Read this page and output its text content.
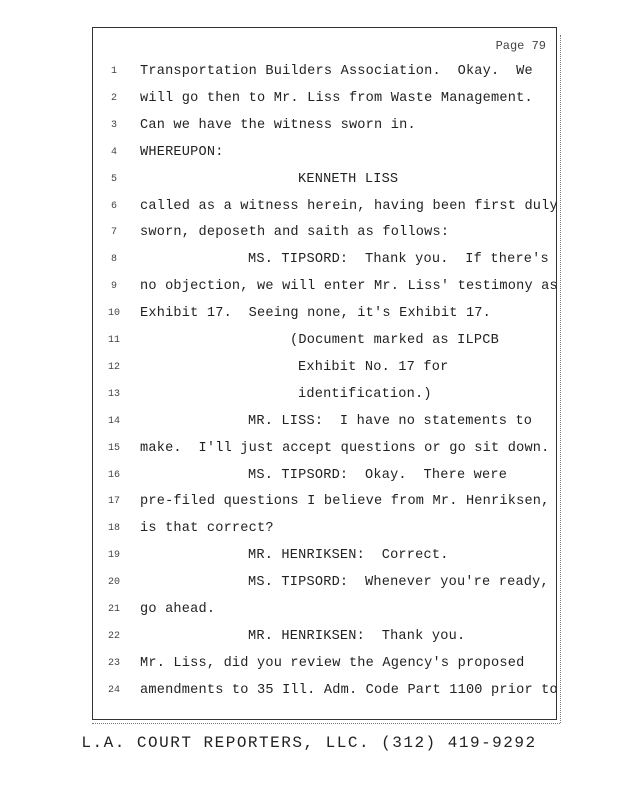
Page 79
1	Transportation Builders Association.  Okay.  We
2	will go then to Mr. Liss from Waste Management.
3	Can we have the witness sworn in.
4	WHEREUPON:
5	KENNETH LISS
6	called as a witness herein, having been first duly
7	sworn, deposeth and saith as follows:
8	MS. TIPSORD:  Thank you.  If there's
9	no objection, we will enter Mr. Liss' testimony as
10	Exhibit 17.  Seeing none, it's Exhibit 17.
11	(Document marked as ILPCB
12	Exhibit No. 17 for
13	identification.)
14	MR. LISS:  I have no statements to
15	make.  I'll just accept questions or go sit down.
16	MS. TIPSORD:  Okay.  There were
17	pre-filed questions I believe from Mr. Henriksen,
18	is that correct?
19	MR. HENRIKSEN:  Correct.
20	MS. TIPSORD:  Whenever you're ready,
21	go ahead.
22	MR. HENRIKSEN:  Thank you.
23	Mr. Liss, did you review the Agency's proposed
24	amendments to 35 Ill. Adm. Code Part 1100 prior to
L.A. COURT REPORTERS, LLC. (312) 419-9292
